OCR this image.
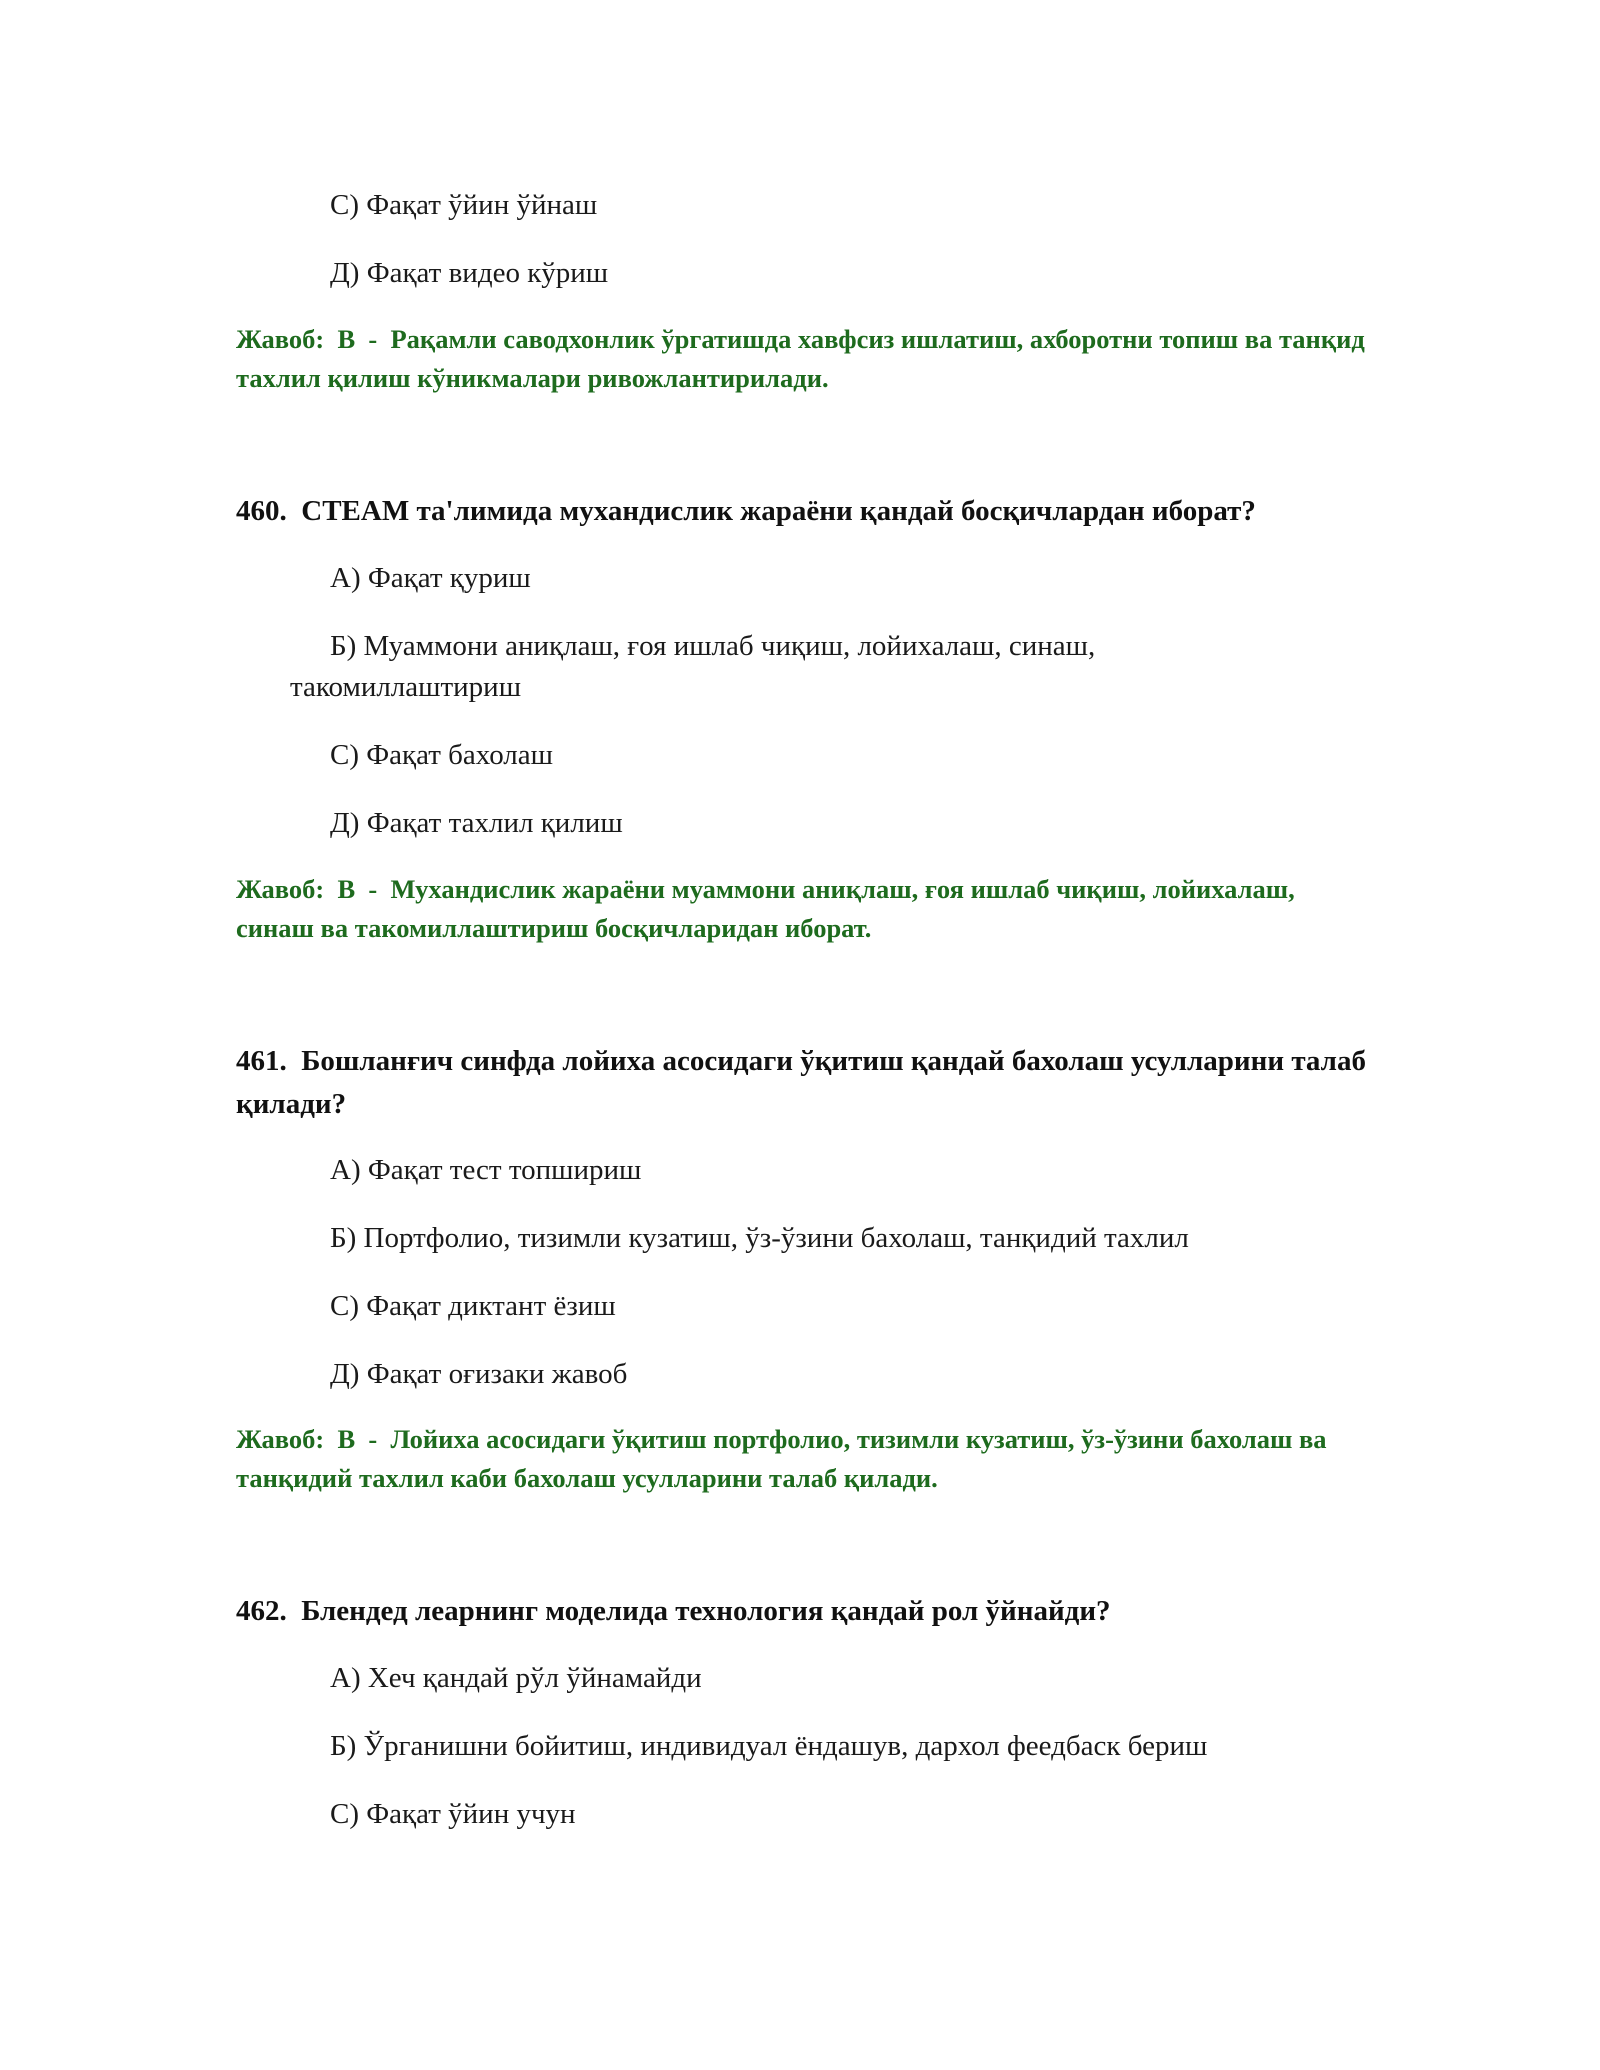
С) Фақат ўйин ўйнаш
Д) Фақат видео кўриш
Жавоб:  В  -  Рақамли саводхонлик ўргатишда хавфсиз ишлатиш, ахборотни топиш ва танқид тахлил қилиш кўникмалари ривожлантирилади.
460.  СТЕАМ та'лимида мухандислик жараёни қандай босқичлардан иборат?
А) Фақат қуриш
Б) Муаммони аниқлаш, ғоя ишлаб чиқиш, лойихалаш, синаш, такомиллаштириш
С) Фақат бахолаш
Д) Фақат тахлил қилиш
Жавоб:  В  -  Мухандислик жараёни муаммони аниқлаш, ғоя ишлаб чиқиш, лойихалаш, синаш ва такомиллаштириш босқичларидан иборат.
461.  Бошланғич синфда лойиха асосидаги ўқитиш қандай бахолаш усулларини талаб қилади?
А) Фақат тест топшириш
Б) Портфолио, тизимли кузатиш, ўз-ўзини бахолаш, танқидий тахлил
С) Фақат диктант ёзиш
Д) Фақат оғизаки жавоб
Жавоб:  В  -  Лойиха асосидаги ўқитиш портфолио, тизимли кузатиш, ўз-ўзини бахолаш ва танқидий тахлил каби бахолаш усулларини талаб қилади.
462.  Блендед леарнинг моделида технология қандай рол ўйнайди?
А) Хеч қандай рўл ўйнамайди
Б) Ўрганишни бойитиш, индивидуал ёндашув, дархол феедбаск бериш
С) Фақат ўйин учун
